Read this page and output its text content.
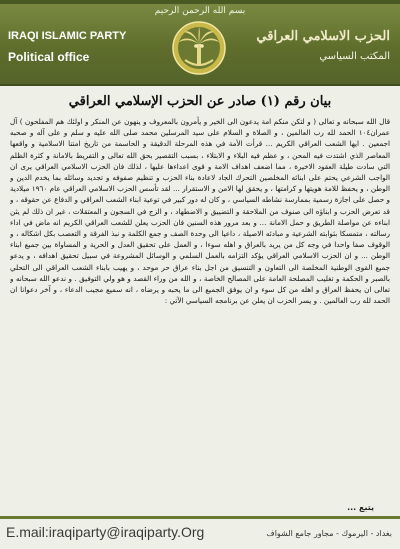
بسم الله الرحمن الرحيم
IRAQI ISLAMIC PARTY
Political office
الحزب الاسلامي العراقي
المكتب السياسي
بيان رقم (١) صادر عن الحزب الإسلامي العراقي
قال الله سبحانه و تعالى ( و لتكن منكم امة يدعون الى الخير و يأمرون بالمعروف و ينهون عن المنكر و اولئك هم المفلحون ) آل عمران١٠٤ الحمد لله رب العالمين ، و الصلاة و السلام على سيد المرسلين محمد صلى الله عليه و سلم و على آله و صحبه اجمعين . ايها الشعب العراقي الكريم ... قرأت الأمة في هذه المرحلة الدقيقة و الحاسمة من تاريخ امتنا الاسلامية و واقعها المعاصر الذي اشتدت فيه المحن ، و عظم فيه البلاء و الابتلاء ، بسبب التقصير بحق الله تعالى و التفريط بالامانة و كثرة الظلم التي سادت طيلة العقود الاخيرة ، مما اضعف اهداف الامة و قوى اعداءها عليها ، لذلك فان الحزب الاسلامي العراقي يرى ان الواجب الشرعي يحتم على ابنائه المخلصين التحرك الجاد لاعادة بناء الحزب و تنظيم صفوفه و تجديد وسائله بما يخدم الدين و الوطن ، و يحفظ للامة هويتها و كرامتها ، و يحقق لها الامن و الاستقرار ... لقد تأسس الحزب الاسلامي العراقي عام ١٩٦٠ ميلادية و حصل على اجازة رسمية بممارسة نشاطه السياسي ، و كان له دور كبير في توعية ابناء الشعب العراقي و الدفاع عن حقوقه ، و قد تعرض الحزب و ابناؤه الى صنوف من الملاحقة و التضييق و الاضطهاد ، و الزج في السجون و المعتقلات ، غير ان ذلك لم يثن ابناءه عن مواصلة الطريق و حمل الامانة ... و بعد مرور هذه السنين فان الحزب يعلن للشعب العراقي الكريم انه ماض في اداء رسالته ، متمسكا بثوابته الشرعية و مبادئه الاصيلة ، داعيا الى وحدة الصف و جمع الكلمة و نبذ الفرقة و التعصب بكل اشكاله ، و الوقوف صفا واحدا في وجه كل من يريد بالعراق و اهله سوءا ، و العمل على تحقيق العدل و الحرية و المساواة بين جميع ابناء الوطن ... و ان الحزب الاسلامي العراقي يؤكد التزامه بالعمل السلمي و الوسائل المشروعة في سبيل تحقيق اهدافه ، و يدعو جميع القوى الوطنية المخلصة الى التعاون و التنسيق من اجل بناء عراق حر موحد ، و يهيب بابناء الشعب العراقي الى التحلي بالصبر و الحكمة و تغليب المصلحة العامة على المصالح الخاصة ، و الله من وراء القصد و هو ولي التوفيق . و ندعو الله سبحانه و تعالى ان يحفظ العراق و اهله من كل سوء و ان يوفق الجميع الى ما يحبه و يرضاه ، انه سميع مجيب الدعاء ، و آخر دعوانا ان الحمد لله رب العالمين . و يسر الحزب ان يعلن عن برنامجه السياسي الآتي :
يتبع ...
E.mail:iraqiparty@iraqiparty.Org	بغداد - اليرموك - مجاور جامع الشواف
